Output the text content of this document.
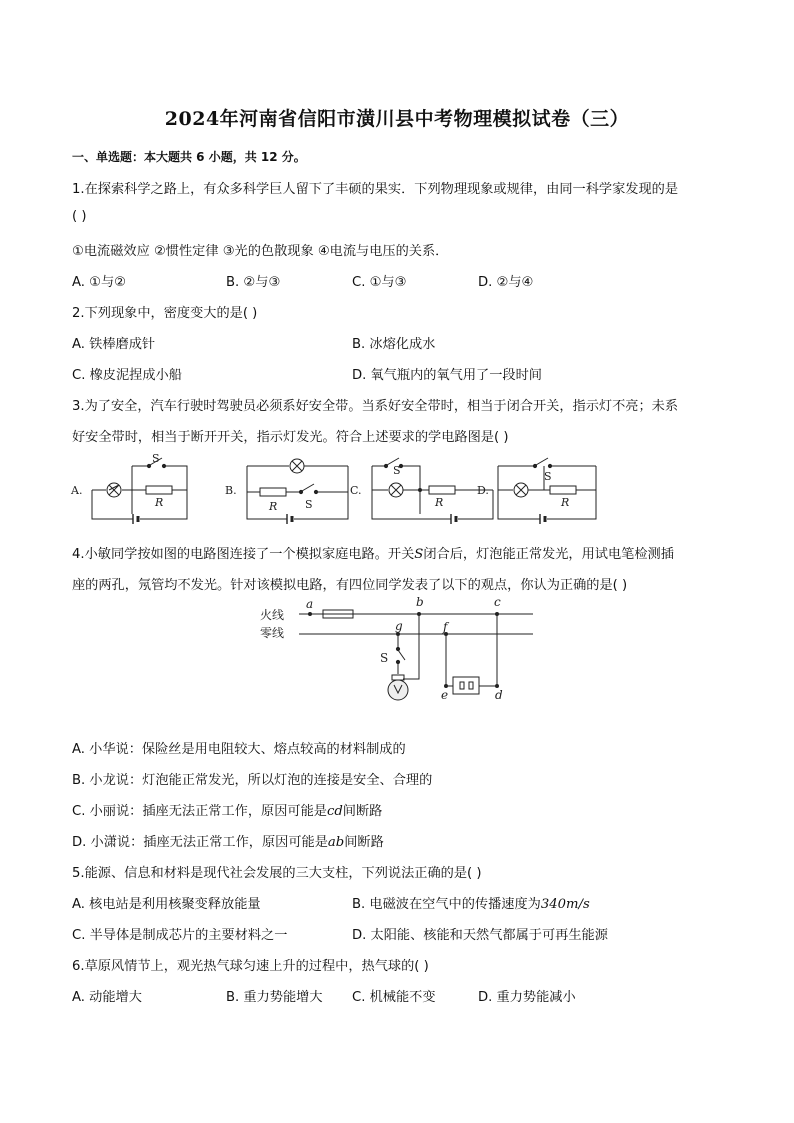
2024年河南省信阳市潢川县中考物理模拟试卷（三）
一、单选题：本大题共 6 小题，共 12 分。
1.在探索科学之路上，有众多科学巨人留下了丰硕的果实．下列物理现象或规律，由同一科学家发现的是
( )
①电流磁效应 ②惯性定律 ③光的色散现象 ④电流与电压的关系．
A. ①与②	B. ②与③	C. ①与③	D. ②与④
2.下列现象中，密度变大的是( )
A. 铁棒磨成针	B. 冰熔化成水
C. 橡皮泥捏成小船	D. 氧气瓶内的氧气用了一段时间
3.为了安全，汽车行驶时驾驶员必须系好安全带。当系好安全带时，相当于闭合开关，指示灯不亮；未系
好安全带时，相当于断开开关，指示灯发光。符合上述要求的学电路图是( )
A.
S
R
B.
R	S
C.
S
R
D.
S
R
4.小敏同学按如图的电路图连接了一个模拟家庭电路。开关S闭合后，灯泡能正常发光，用试电笔检测插
座的两孔，氖管均不发光。针对该模拟电路，有四位同学发表了以下的观点，你认为正确的是( )
火线
零线
a	b	c
g	f
S
e	d
A. 小华说：保险丝是用电阻较大、熔点较高的材料制成的
B. 小龙说：灯泡能正常发光，所以灯泡的连接是安全、合理的
C. 小丽说：插座无法正常工作，原因可能是cd间断路
D. 小潇说：插座无法正常工作，原因可能是ab间断路
5.能源、信息和材料是现代社会发展的三大支柱，下列说法正确的是( )
A. 核电站是利用核聚变释放能量	B. 电磁波在空气中的传播速度为340m/s
C. 半导体是制成芯片的主要材料之一	D. 太阳能、核能和天然气都属于可再生能源
6.草原风情节上，观光热气球匀速上升的过程中，热气球的( )
A. 动能增大	B. 重力势能增大 C. 机械能不变	D. 重力势能减小
